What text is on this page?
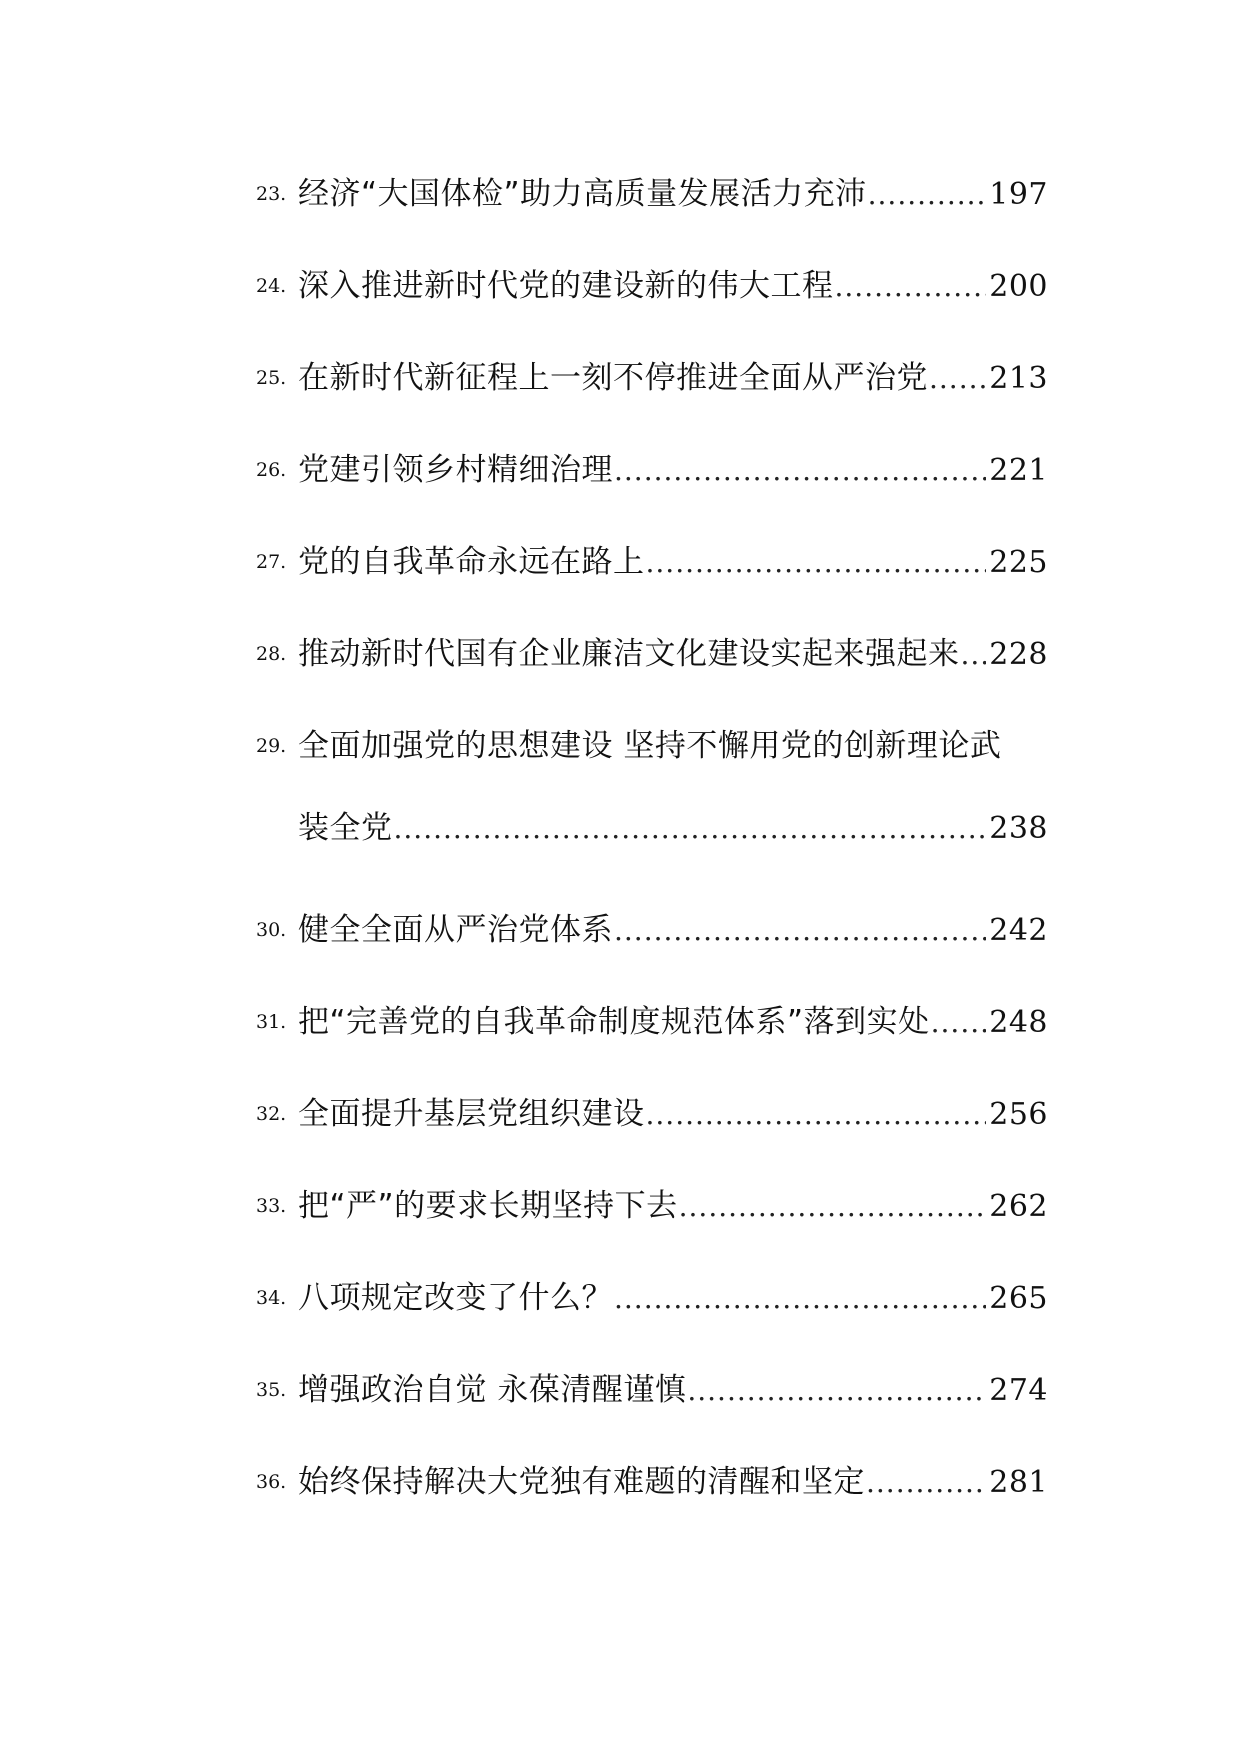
23. 经济“大国体检”助力高质量发展活力充沛 .....	197
24. 深入推进新时代党的建设新的伟大工程 .....	200
25. 在新时代新征程上一刻不停推进全面从严治党 ..... 213
26. 党建引领乡村精细治理 .....	221
27. 党的自我革命永远在路上 .....	225
28. 推动新时代国有企业廉洁文化建设实起来强起来 ..... 228
29. 全面加强党的思想建设 坚持不懈用党的创新理论武
装全党 .....	238
30. 健全全面从严治党体系 .....	242
31. 把“完善党的自我革命制度规范体系”落到实处 ..... 248
32. 全面提升基层党组织建设 .....	256
33. 把“严”的要求长期坚持下去 .....	262
34. 八项规定改变了什么？ .....	265
35. 增强政治自觉 永葆清醒谨慎 .....	274
36. 始终保持解决大党独有难题的清醒和坚定 .....	281
